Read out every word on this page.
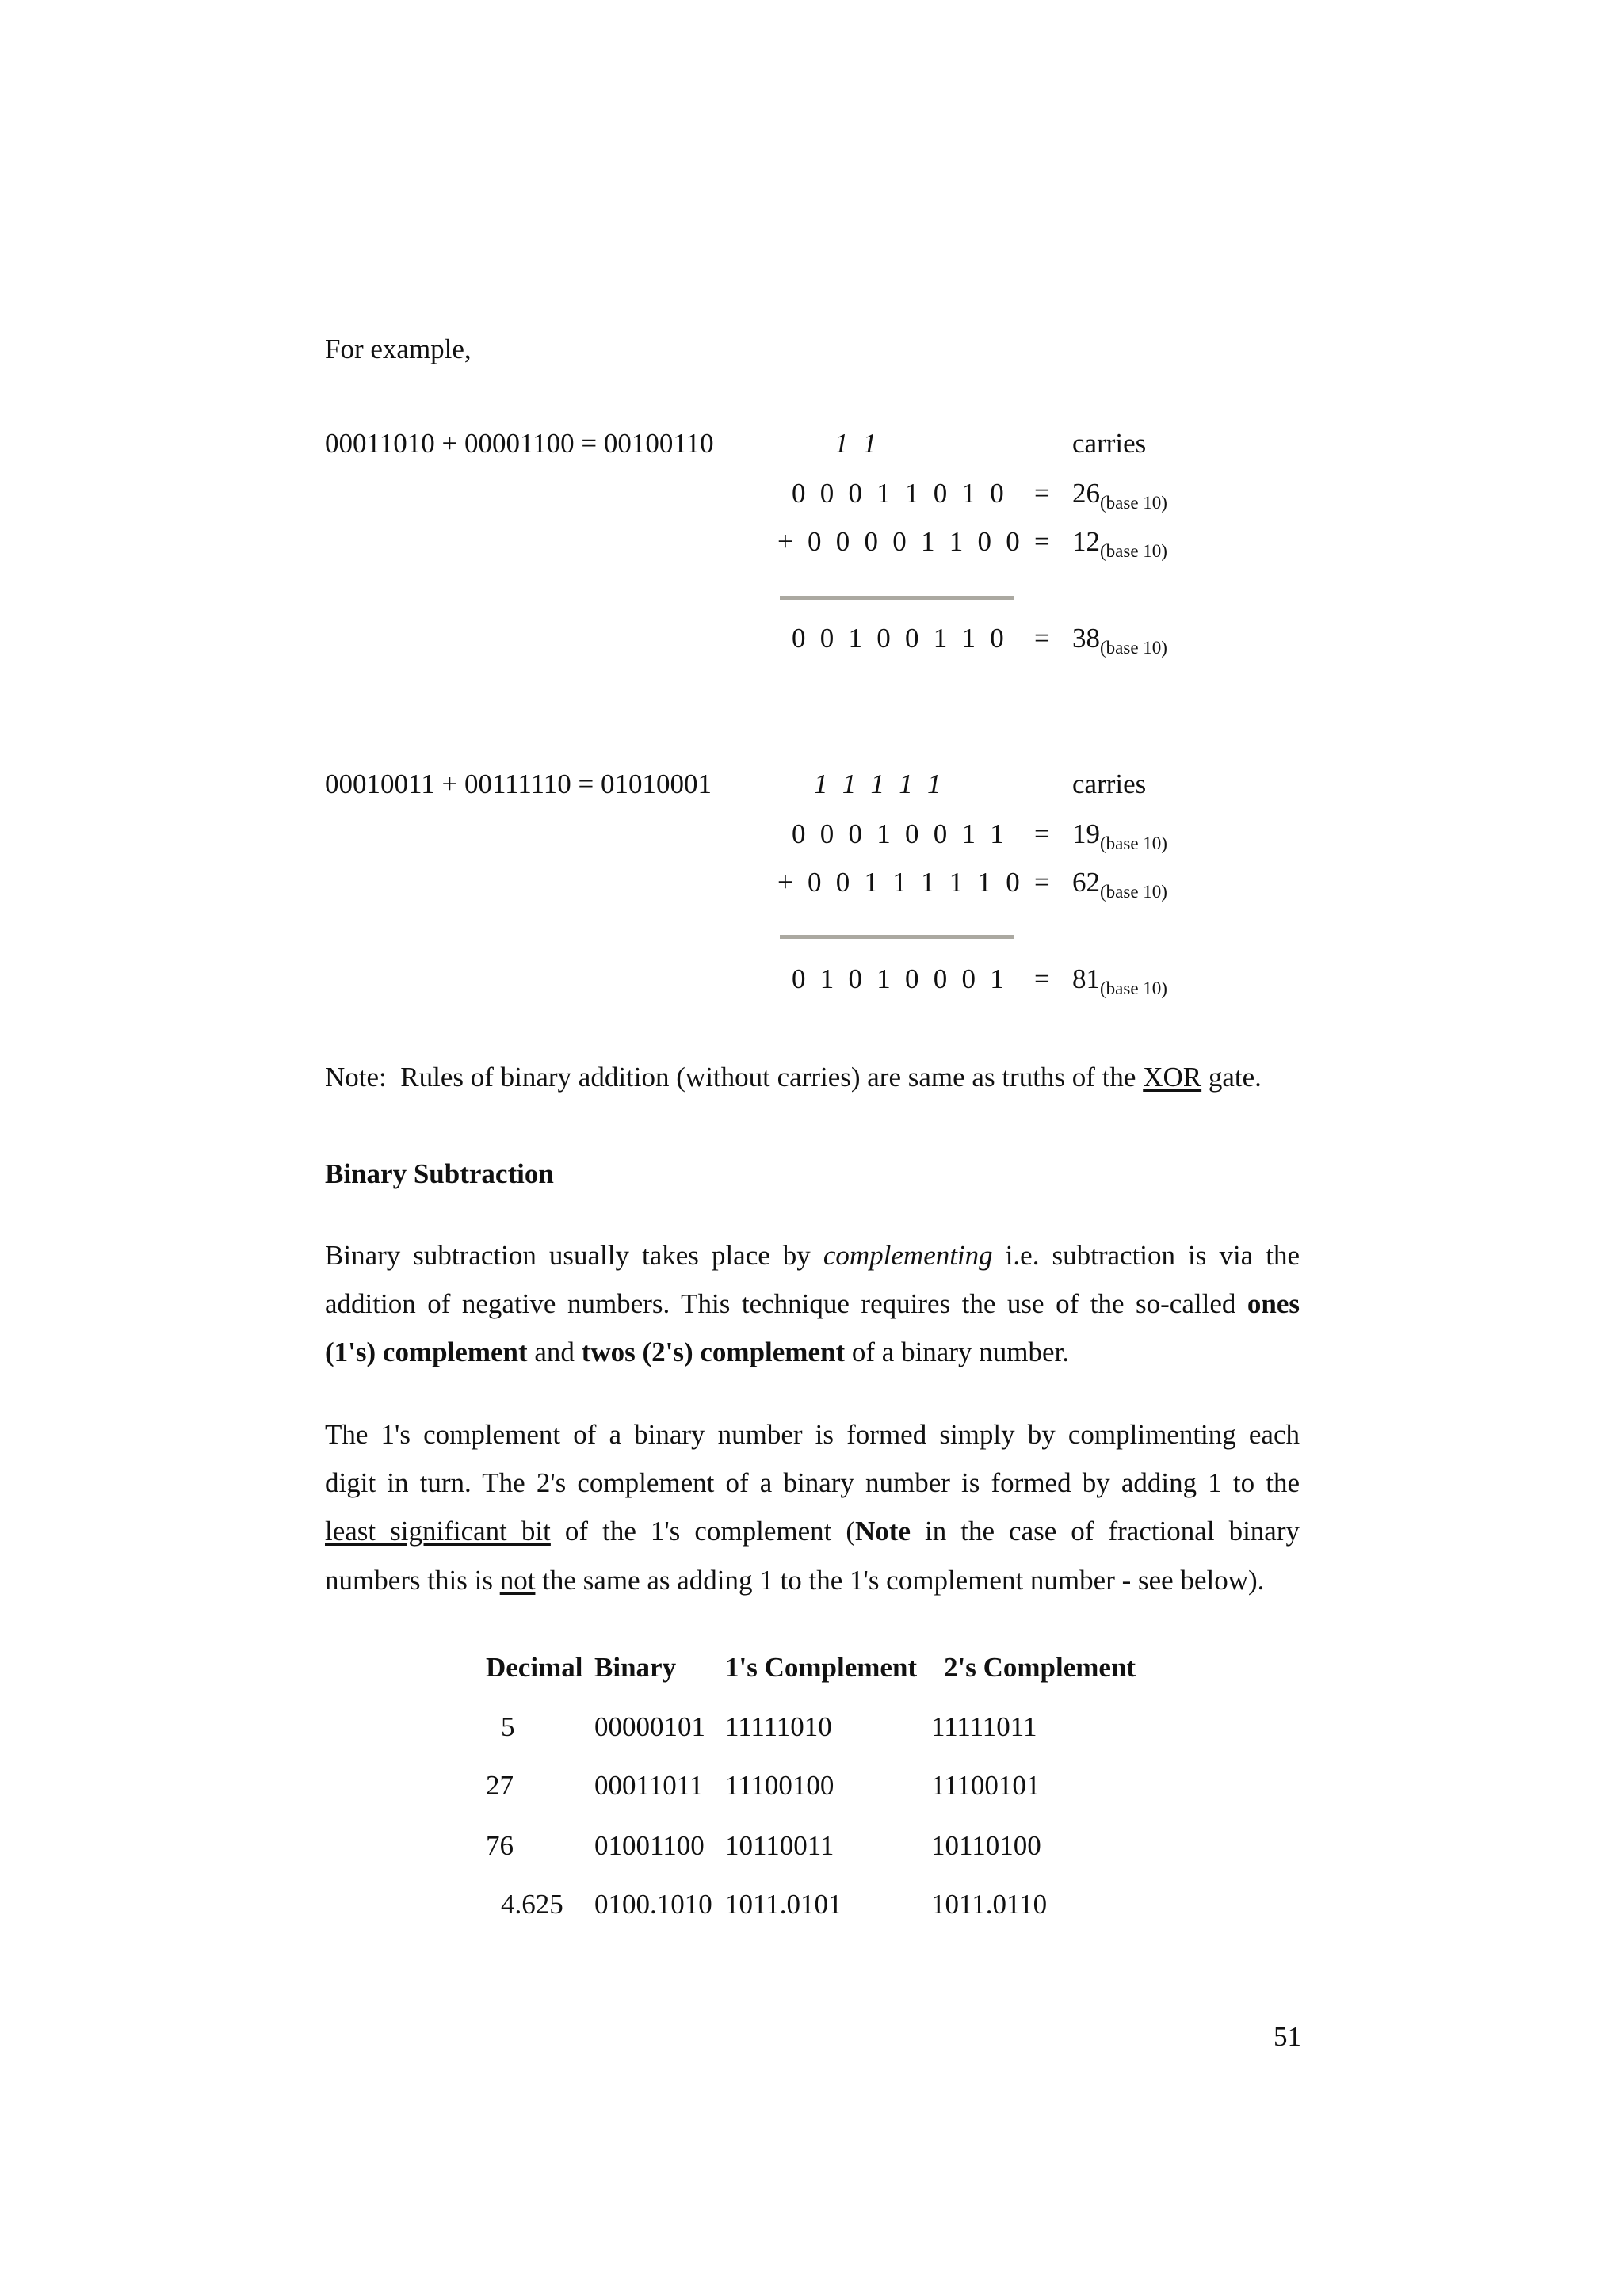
For example,
00011010 + 00001100 = 00100110	1 1	carries
0 0 0 1 1 0 1 $0 = 26_{(base 10)}$
+ 0 0 0 0 1 1 0 $0 = 12_{(base 10)}$
0 0 1 0 0 1 1 $0 = 38_{(base 10)}$
00010011 + 00111110 = 01010001	1 1 1 1 1	carries
0 0 0 1 0 0 1 $1 = 19_{(base 10)}$
+ 0 0 1 1 1 1 1 $0 = 62_{(base 10)}$
0 1 0 1 0 0 0 $1 = 81_{(base 10)}$
Note:  Rules of binary addition (without carries) are same as truths of the XOR gate.
Binary Subtraction
Binary subtraction usually takes place by complementing i.e. subtraction is via the
addition of negative numbers. This technique requires the use of the so-called ones
(1's) complement and twos (2's) complement of a binary number.
The 1's complement of a binary number is formed simply by complimenting each
digit in turn. The 2's complement of a binary number is formed by adding 1 to the
least significant bit of the 1's complement (Note in the case of fractional binary
numbers this is not the same as adding 1 to the 1's complement number - see below).
Decimal Binary 1's Complement 2's Complement
5	00000101 11111010	11111011
27	00011011 11100100	11100101
76	01001100 10110011	10110100
4.625 0100.1010 1011.0101	1011.0110
51
